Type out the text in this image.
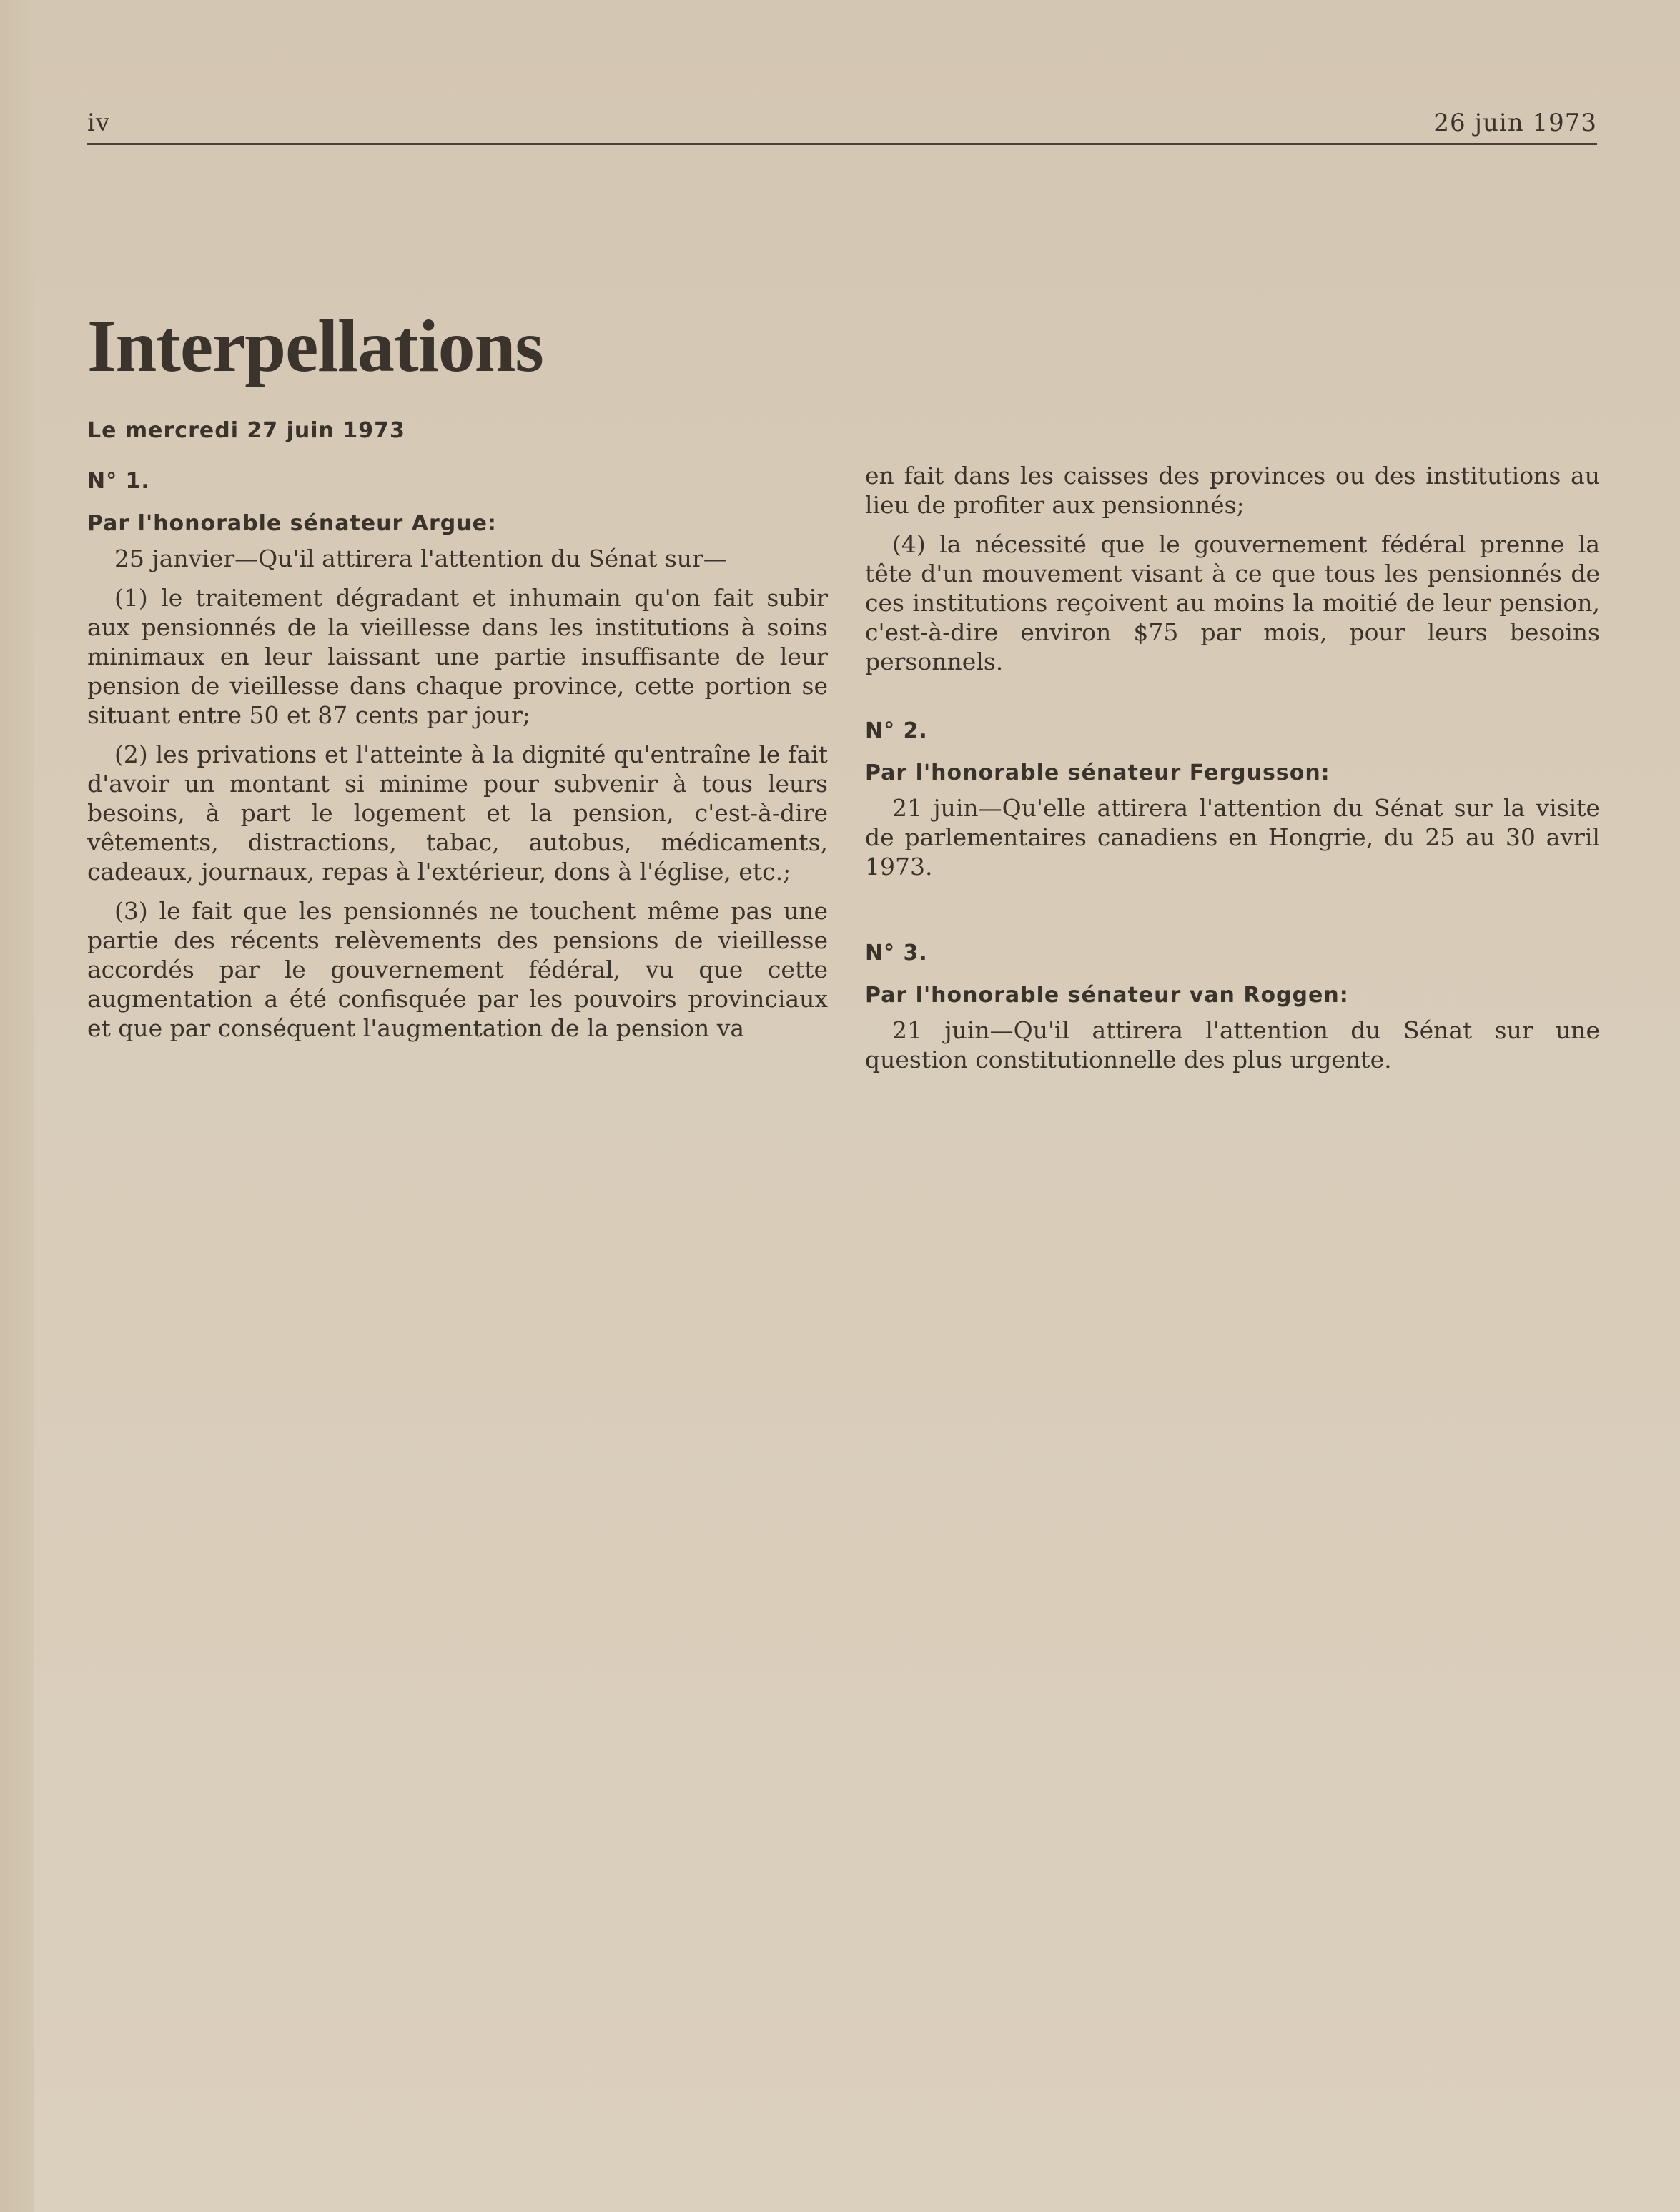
iv	26 juin 1973
Interpellations
Le mercredi 27 juin 1973
N° 1.
Par l'honorable sénateur Argue:

25 janvier—Qu'il attirera l'attention du Sénat sur—

(1) le traitement dégradant et inhumain qu'on fait subir aux pensionnés de la vieillesse dans les institutions à soins minimaux en leur laissant une partie insuffisante de leur pension de vieillesse dans chaque province, cette portion se situant entre 50 et 87 cents par jour;

(2) les privations et l'atteinte à la dignité qu'entraîne le fait d'avoir un montant si minime pour subvenir à tous leurs besoins, à part le logement et la pension, c'est-à-dire vêtements, distractions, tabac, autobus, médicaments, cadeaux, journaux, repas à l'extérieur, dons à l'église, etc.;

(3) le fait que les pensionnés ne touchent même pas une partie des récents relèvements des pensions de vieillesse accordés par le gouvernement fédéral, vu que cette augmentation a été confisquée par les pouvoirs provinciaux et que par conséquent l'augmentation de la pension va

en fait dans les caisses des provinces ou des institutions au lieu de profiter aux pensionnés;

(4) la nécessité que le gouvernement fédéral prenne la tête d'un mouvement visant à ce que tous les pensionnés de ces institutions reçoivent au moins la moitié de leur pension, c'est-à-dire environ $75 par mois, pour leurs besoins personnels.

N° 2.
Par l'honorable sénateur Fergusson:

21 juin—Qu'elle attirera l'attention du Sénat sur la visite de parlementaires canadiens en Hongrie, du 25 au 30 avril 1973.

N° 3.
Par l'honorable sénateur van Roggen:

21 juin—Qu'il attirera l'attention du Sénat sur une question constitutionnelle des plus urgente.
